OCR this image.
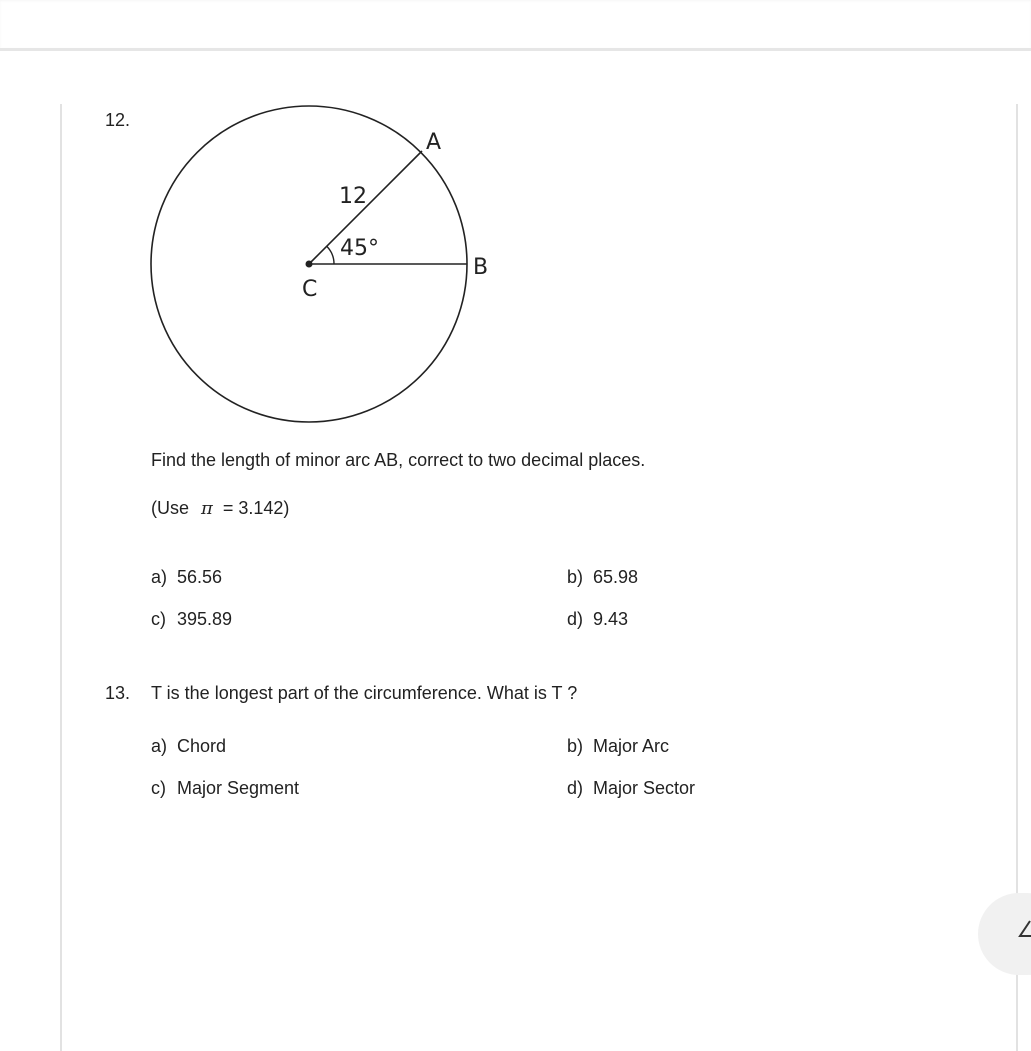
12.
A
B
C
12
45°
Find the length of minor arc AB, correct to two decimal places.
(Use π = 3.142)
a) 56.56	b) 65.98
c) 395.89	d) 9.43
13. T is the longest part of the circumference. What is T ?
a) Chord	b) Major Arc
c) Major Segment	d) Major Sector
